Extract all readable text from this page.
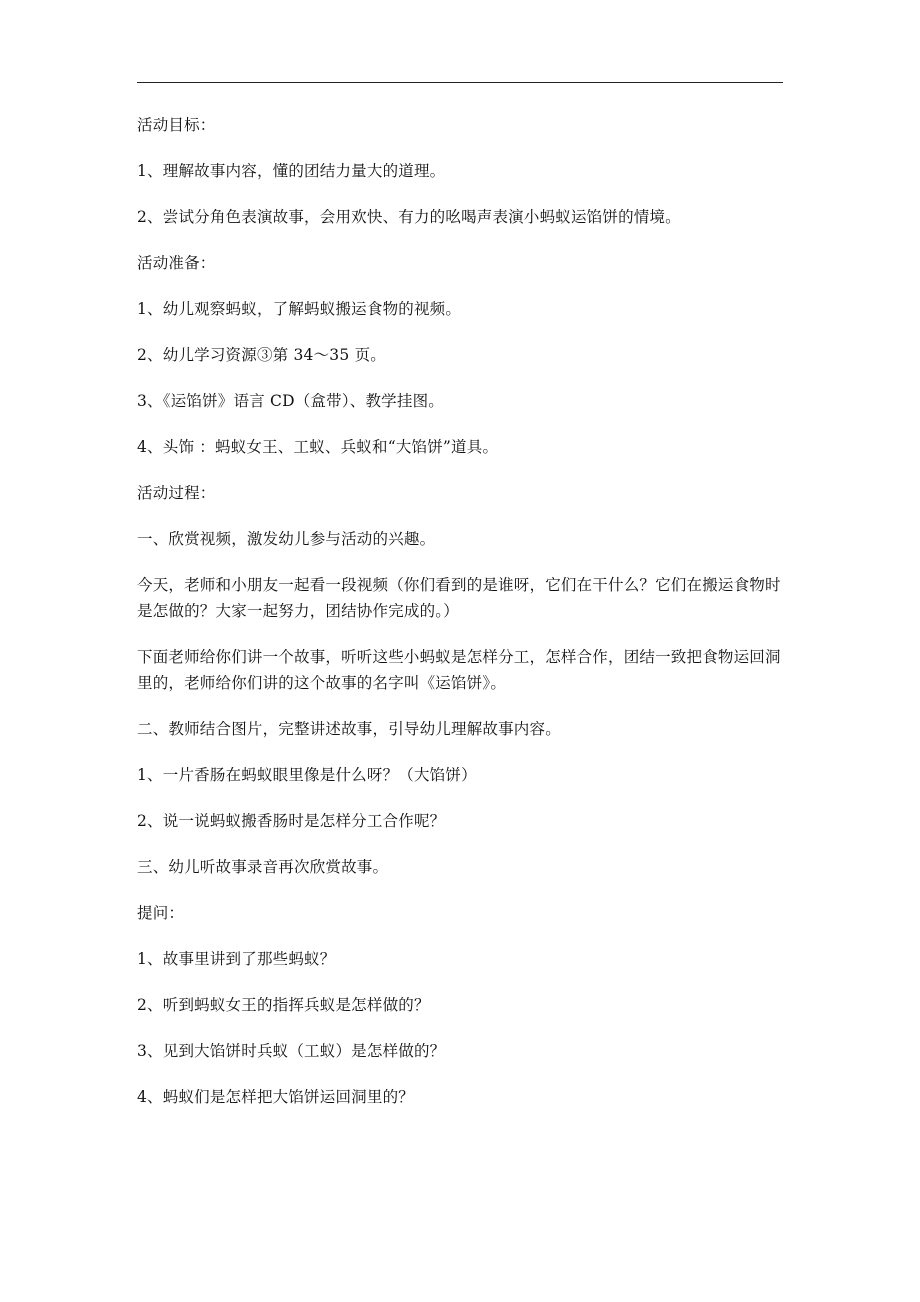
活动目标：

1、理解故事内容，懂的团结力量大的道理。

2、尝试分角色表演故事，会用欢快、有力的吆喝声表演小蚂蚁运馅饼的情境。

活动准备：

1、幼儿观察蚂蚁，了解蚂蚁搬运食物的视频。

2、幼儿学习资源③第 34～35 页。

3、《运馅饼》语言 CD（盒带）、教学挂图。

4、头饰 ：蚂蚁女王、工蚁、兵蚁和“大馅饼”道具。

活动过程：

一、欣赏视频，激发幼儿参与活动的兴趣。

今天，老师和小朋友一起看一段视频（你们看到的是谁呀，它们在干什么？它们在搬运食物时是怎做的？大家一起努力，团结协作完成的。）

下面老师给你们讲一个故事，听听这些小蚂蚁是怎样分工，怎样合作，团结一致把食物运回洞里的，老师给你们讲的这个故事的名字叫《运馅饼》。

二、教师结合图片，完整讲述故事，引导幼儿理解故事内容。

1、一片香肠在蚂蚁眼里像是什么呀？（大馅饼）

2、说一说蚂蚁搬香肠时是怎样分工合作呢？

三、幼儿听故事录音再次欣赏故事。

提问：

1、故事里讲到了那些蚂蚁？

2、听到蚂蚁女王的指挥兵蚁是怎样做的？

3、见到大馅饼时兵蚁（工蚁）是怎样做的？

4、蚂蚁们是怎样把大馅饼运回洞里的？
